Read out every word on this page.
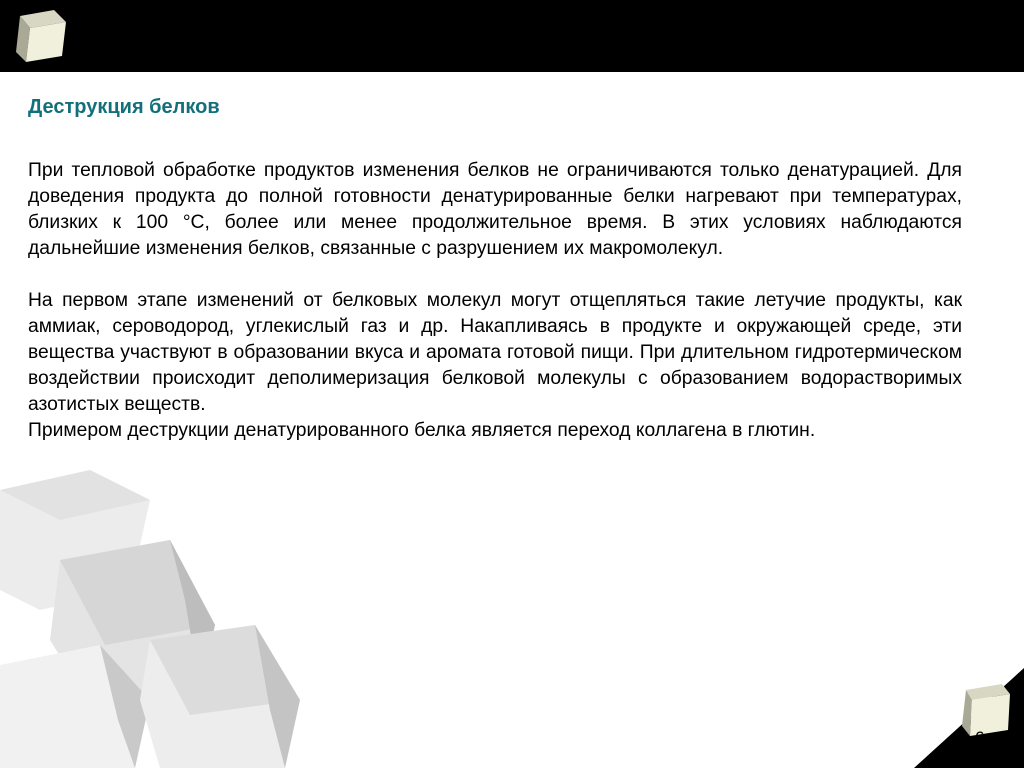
6
Деструкция белков

При тепловой обработке продуктов изменения белков не ограничиваются только денатурацией. Для доведения продукта до полной готовности денатурированные белки нагревают при температурах, близких к 100 °С, более или менее продолжительное время. В этих условиях наблюдаются дальнейшие изменения белков, связанные с разрушением их макромолекул.

На первом этапе изменений от белковых молекул могут отщепляться такие летучие продукты, как аммиак, сероводород, углекислый газ и др. Накапливаясь в продукте и окружающей среде, эти вещества участвуют в образовании вкуса и аромата готовой пищи. При длительном гидротермическом воздействии происходит деполимеризация белковой молекулы с образованием водорастворимых азотистых веществ.

Примером деструкции денатурированного белка является переход коллагена в глютин.
